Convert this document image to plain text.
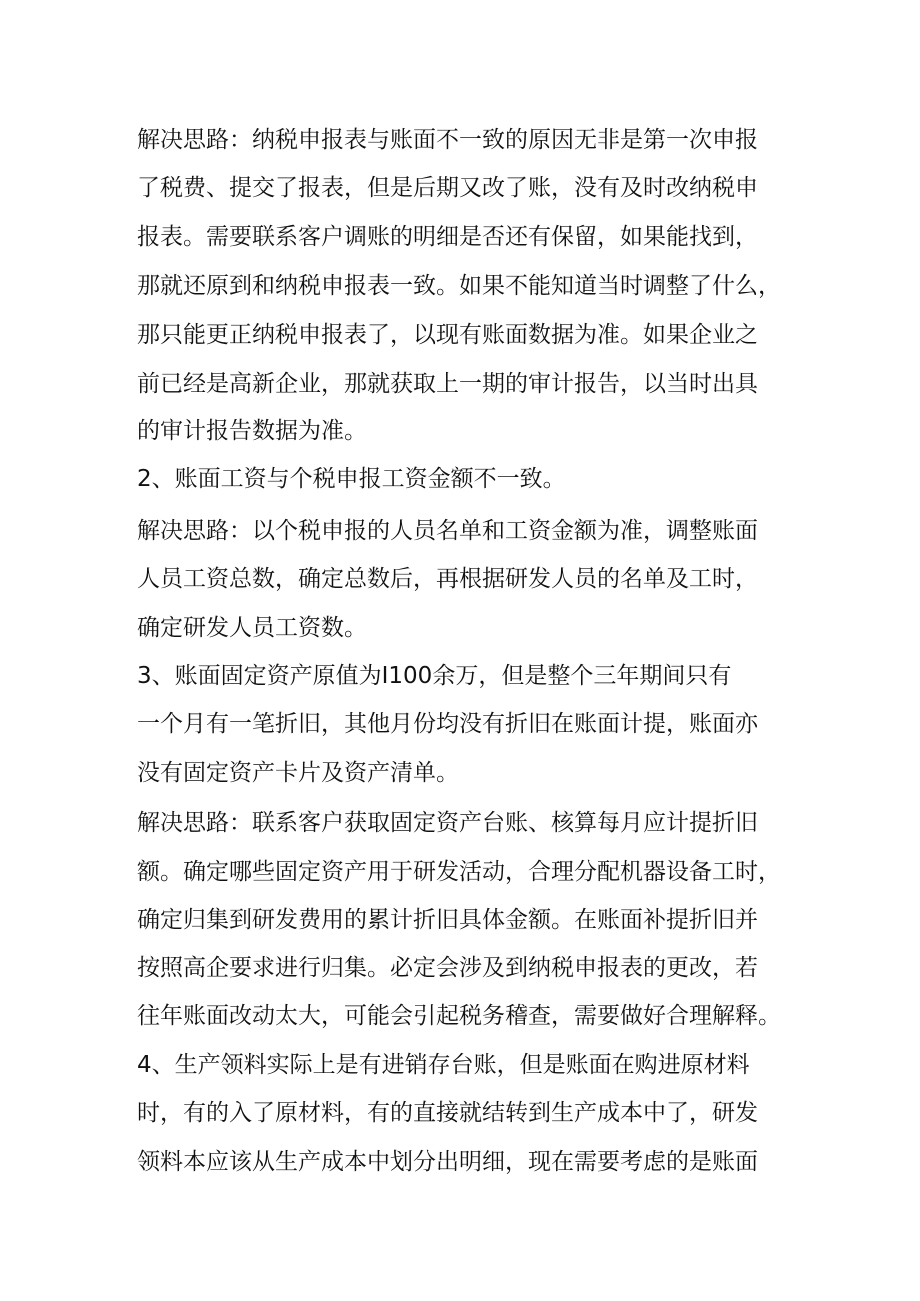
解决思路：纳税申报表与账面不一致的原因无非是第一次申报
了税费、提交了报表，但是后期又改了账，没有及时改纳税申
报表。需要联系客户调账的明细是否还有保留，如果能找到，
那就还原到和纳税申报表一致。如果不能知道当时调整了什么，
那只能更正纳税申报表了，以现有账面数据为准。如果企业之
前已经是高新企业，那就获取上一期的审计报告，以当时出具
的审计报告数据为准。
2、账面工资与个税申报工资金额不一致。
解决思路：以个税申报的人员名单和工资金额为准，调整账面
人员工资总数，确定总数后，再根据研发人员的名单及工时，
确定研发人员工资数。
3、账面固定资产原值为I100余万，但是整个三年期间只有
一个月有一笔折旧，其他月份均没有折旧在账面计提，账面亦
没有固定资产卡片及资产清单。
解决思路：联系客户获取固定资产台账、核算每月应计提折旧
额。确定哪些固定资产用于研发活动，合理分配机器设备工时，
确定归集到研发费用的累计折旧具体金额。在账面补提折旧并
按照高企要求进行归集。必定会涉及到纳税申报表的更改，若
往年账面改动太大，可能会引起税务稽查，需要做好合理解释。
4、生产领料实际上是有进销存台账，但是账面在购进原材料
时，有的入了原材料，有的直接就结转到生产成本中了，研发
领料本应该从生产成本中划分出明细，现在需要考虑的是账面
